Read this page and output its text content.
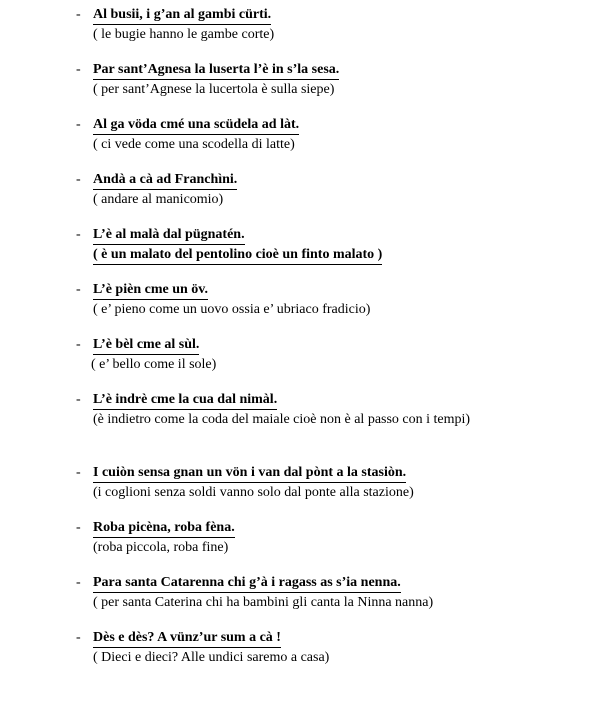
- Al busii, i g’an al gambi cürti.
( le bugie hanno le gambe corte)
- Par sant’Agnesa la luserta l’è in s’la sesa.
( per sant’Agnese la lucertola è sulla siepe)
- Al ga vöda cmé una scüdela ad làt.
( ci vede come una scodella di latte)
- Andà a cà ad Franchìni.
( andare al manicomio)
- L’è al malà dal pügnatén.
( è un malato del pentolino cioè un finto malato )
- L’è pièn cme un öv.
( e’ pieno come un uovo ossia e’ ubriaco fradicio)
- L’è bèl cme al sùl.
( e’ bello come il sole)
- L’è indrè cme la cua dal nimàl.
(è indietro come la coda del maiale cioè non è al passo con i tempi)
- I cuiòn sensa gnan un vön i van dal pònt a la stasiòn.
(i coglioni senza soldi vanno solo dal ponte alla stazione)
- Roba picèna, roba fèna.
(roba piccola, roba fine)
- Para santa Catarenna chi g’à i ragass as s’ia nenna.
( per santa Caterina chi ha bambini gli canta la Ninna nanna)
- Dès e dès? A vünz’ur sum a cà !
( Dieci e dieci? Alle undici saremo a casa)
